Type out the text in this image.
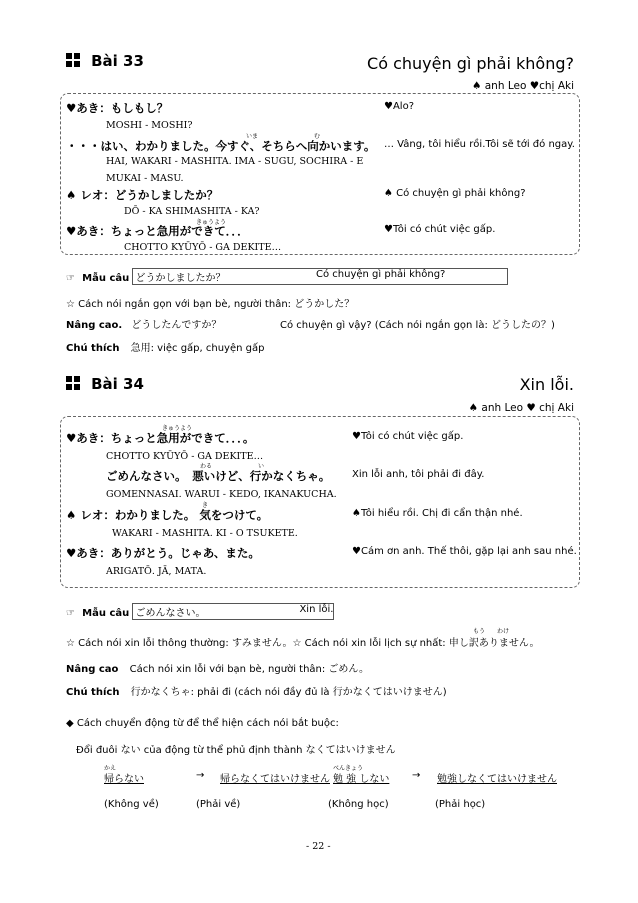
Bài 33	Có chuyện gì phải không?
♠ anh Leo ♥chị Aki
♥あき：もしもし？
MOSHI - MOSHI?
♥Alo?
いま	む
・・・はい、わかりました。今すぐ、そちらへ向かいます。
HAI, WAKARI - MASHITA. IMA - SUGU, SOCHIRA - E
MUKAI - MASU.
… Vâng, tôi hiểu rồi.Tôi sẽ tới đó ngay.
♠ レオ：どうかしましたか？
DŌ - KA SHIMASHITA - KA?
♠ Có chuyện gì phải không?
きゅうよう
♥あき：ちょっと急用ができて．．．
CHOTTO KYŪYŌ - GA DEKITE…
♥Tôi có chút việc gấp.
☞ Mẫu câu どうかしましたか？	Có chuyện gì phải không?
☆ Cách nói ngắn gọn với bạn bè, người thân: どうかした？
Nâng cao. どうしたんですか？	Có chuyện gì vậy? (Cách nói ngắn gọn là: どうしたの？)
Chú thích 急用: việc gấp, chuyện gấp
Bài 34	Xin lỗi.
♠ anh Leo ♥ chị Aki
きゅうよう
♥あき：ちょっと急用ができて．．．。
CHOTTO KYŪYŌ - GA DEKITE…
♥Tôi có chút việc gấp.
わる	い
ごめんなさい。　悪いけど、行かなくちゃ。
GOMENNASAI. WARUI - KEDO, IKANAKUCHA.
Xin lỗi anh, tôi phải đi đây.
き
♠ レオ：わかりました。 気をつけて。
WAKARI - MASHITA. KI - O TSUKETE.
♠Tôi hiểu rồi. Chị đi cẩn thận nhé.
♥あき：ありがとう。じゃあ、また。
ARIGATŌ. JĀ, MATA.
♥Cám ơn anh. Thế thôi, gặp lại anh sau nhé.
☞ Mẫu câu ごめんなさい。	Xin lỗi.
もう わけ
☆ Cách nói xin lỗi thông thường: すみません。☆ Cách nói xin lỗi lịch sự nhất: 申し訳ありません。
Nâng cao Cách nói xin lỗi với bạn bè, người thân: ごめん。
Chú thích 行かなくちゃ: phải đi (cách nói đầy đủ là 行かなくてはいけません)
◆ Cách chuyển động từ để thể hiện cách nói bắt buộc:
Đổi đuôi ない của động từ thể phủ định thành なくてはいけません
かえ	べんきょう
帰らない	→ 帰らなくてはいけません 勉 強 しない → 勉強しなくてはいけません
(Không về)	(Phải về)	(Không học)	(Phải học)
- 22 -
